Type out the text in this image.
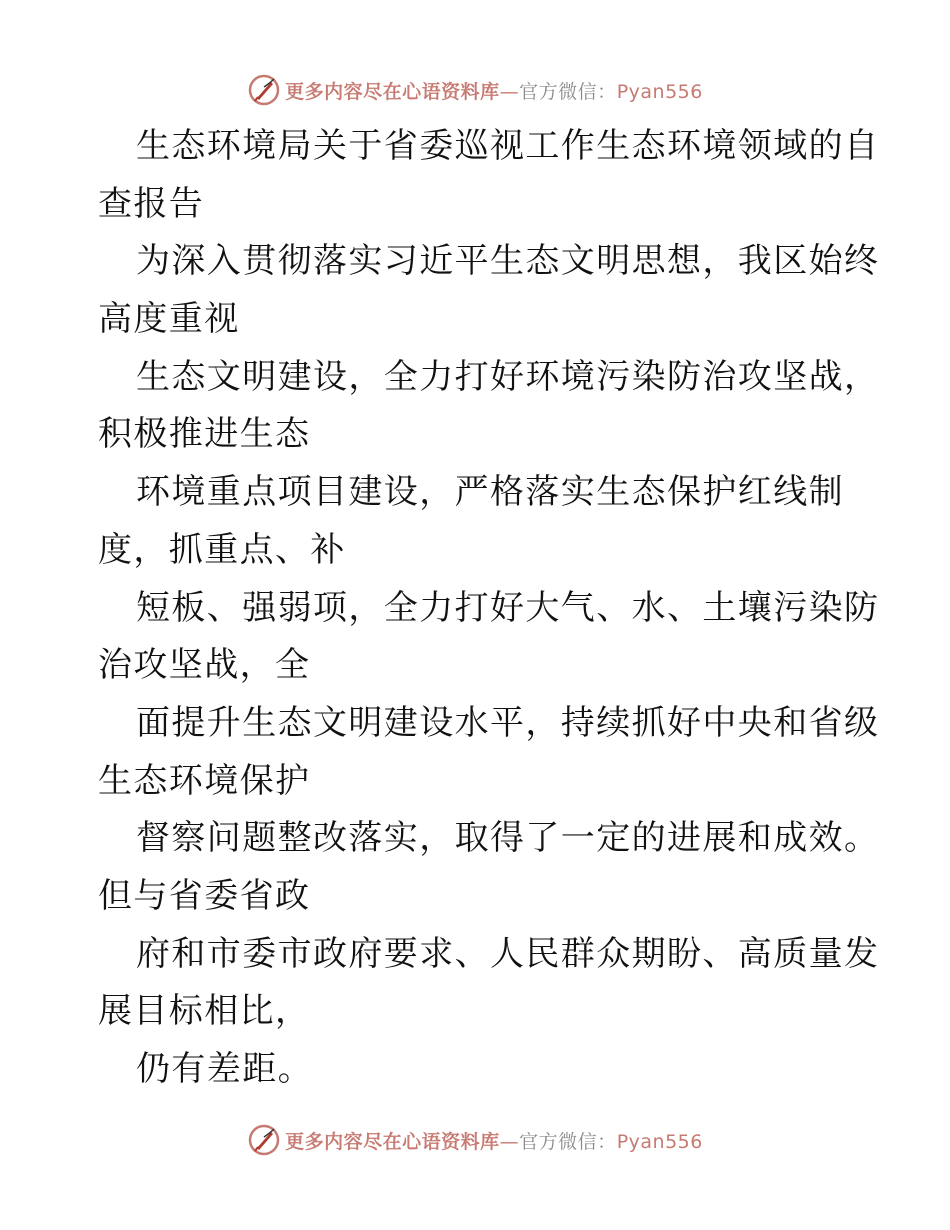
更多内容尽在心语资料库—官方微信：Pyan556
生态环境局关于省委巡视工作生态环境领域的自
查报告
为深入贯彻落实习近平生态文明思想，我区始终
高度重视
生态文明建设，全力打好环境污染防治攻坚战，
积极推进生态
环境重点项目建设，严格落实生态保护红线制
度，抓重点、补
短板、强弱项，全力打好大气、水、土壤污染防
治攻坚战，全
面提升生态文明建设水平，持续抓好中央和省级
生态环境保护
督察问题整改落实，取得了一定的进展和成效。
但与省委省政
府和市委市政府要求、人民群众期盼、高质量发
展目标相比，
仍有差距。
更多内容尽在心语资料库—官方微信：Pyan556
